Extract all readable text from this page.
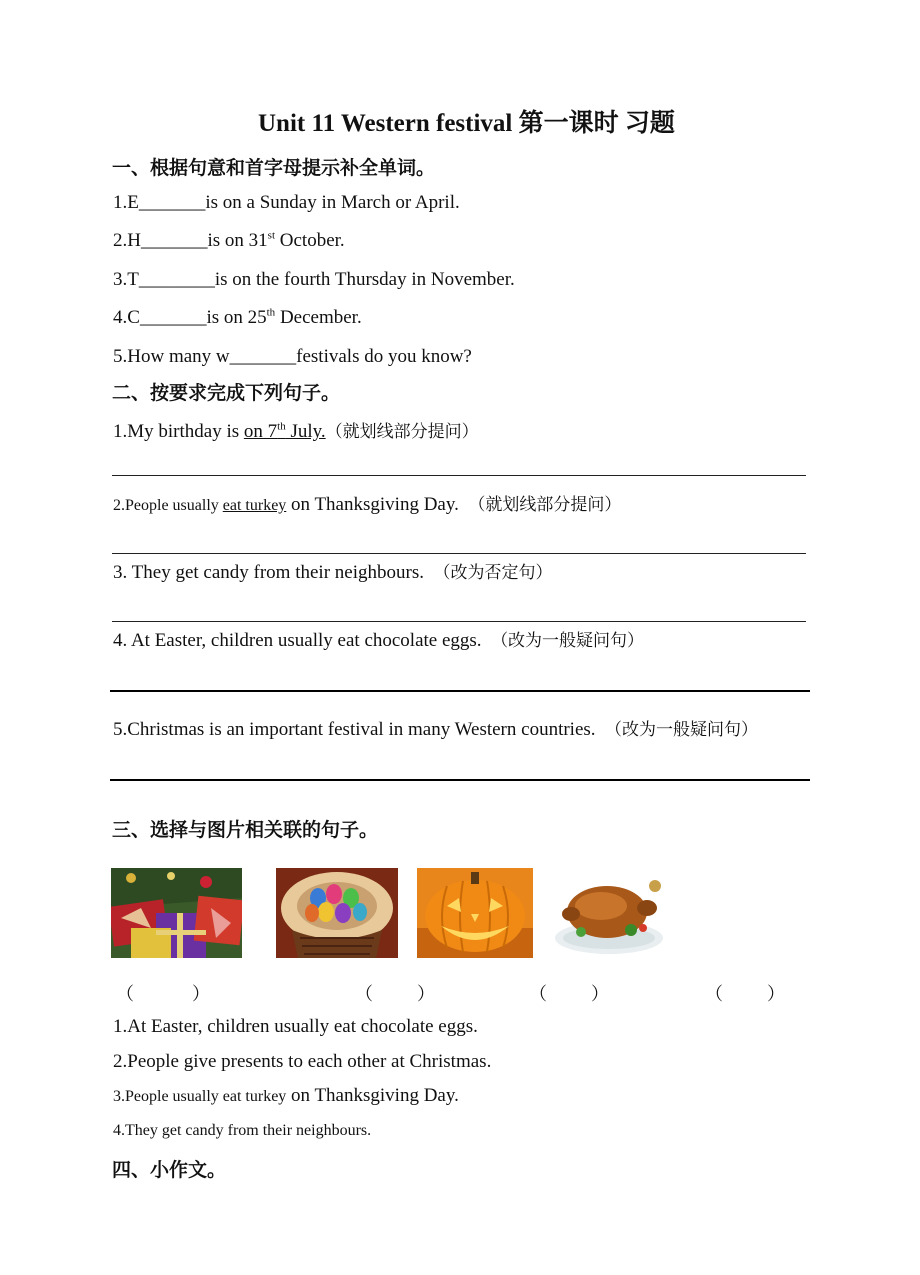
Unit 11 Western festival 第一课时 习题
一、根据句意和首字母提示补全单词。
1.E_______is on a Sunday in March or April.
2.H_______is on 31st October.
3.T________is on the fourth Thursday in November.
4.C_______is on 25th December.
5.How many w_______festivals do you know?
二、按要求完成下列句子。
1.My birthday is on 7th July.（就划线部分提问）
2.People usually eat turkey on Thanksgiving Day. （就划线部分提问）
3. They get candy from their neighbours. （改为否定句）
4. At Easter, children usually eat chocolate eggs. （改为一般疑问句）
5.Christmas is an important festival in many Western countries. （改为一般疑问句）
三、选择与图片相关联的句子。
（	）	（ ）	（ ）	（ ）
1.At Easter, children usually eat chocolate eggs.
2.People give presents to each other at Christmas.
3.People usually eat turkey on Thanksgiving Day.
4.They get candy from their neighbours.
四、小作文。
